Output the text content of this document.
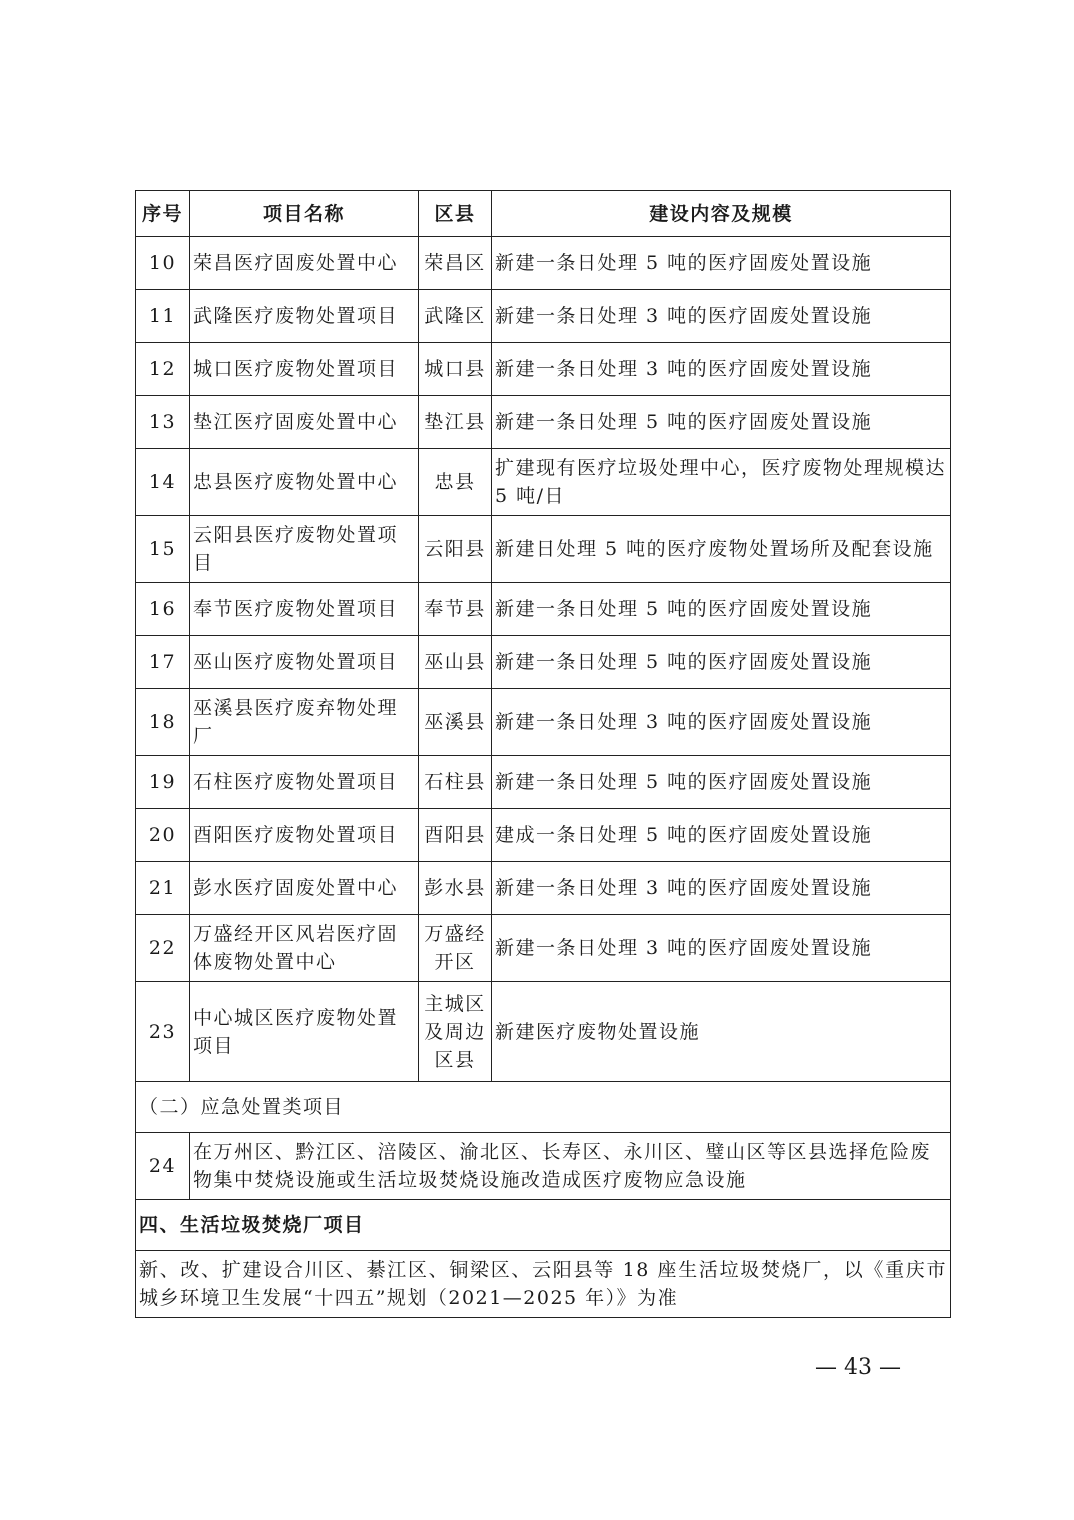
序号	项目名称	区县	建设内容及规模
10	荣昌医疗固废处置中心	荣昌区	新建一条日处理 5 吨的医疗固废处置设施
11	武隆医疗废物处置项目	武隆区	新建一条日处理 3 吨的医疗固废处置设施
12	城口医疗废物处置项目	城口县	新建一条日处理 3 吨的医疗固废处置设施
13	垫江医疗固废处置中心	垫江县	新建一条日处理 5 吨的医疗固废处置设施
14	忠县医疗废物处置中心	忠县	扩建现有医疗垃圾处理中心，医疗废物处理规模达 5 吨/日
15	云阳县医疗废物处置项目	云阳县	新建日处理 5 吨的医疗废物处置场所及配套设施
16	奉节医疗废物处置项目	奉节县	新建一条日处理 5 吨的医疗固废处置设施
17	巫山医疗废物处置项目	巫山县	新建一条日处理 5 吨的医疗固废处置设施
18	巫溪县医疗废弃物处理厂	巫溪县	新建一条日处理 3 吨的医疗固废处置设施
19	石柱医疗废物处置项目	石柱县	新建一条日处理 5 吨的医疗固废处置设施
20	酉阳医疗废物处置项目	酉阳县	建成一条日处理 5 吨的医疗固废处置设施
21	彭水医疗固废处置中心	彭水县	新建一条日处理 3 吨的医疗固废处置设施
22	万盛经开区风岩医疗固体废物处置中心	万盛经开区	新建一条日处理 3 吨的医疗固废处置设施
23	中心城区医疗废物处置项目	主城区及周边区县	新建医疗废物处置设施
（二）应急处置类项目			
24	在万州区、黔江区、涪陵区、渝北区、长寿区、永川区、璧山区等区县选择危险废物集中焚烧设施或生活垃圾焚烧设施改造成医疗废物应急设施		
四、生活垃圾焚烧厂项目			
新、改、扩建设合川区、綦江区、铜梁区、云阳县等 18 座生活垃圾焚烧厂，以《重庆市城乡环境卫生发展“十四五”规划（2021—2025 年）》为准			
— 43 —
